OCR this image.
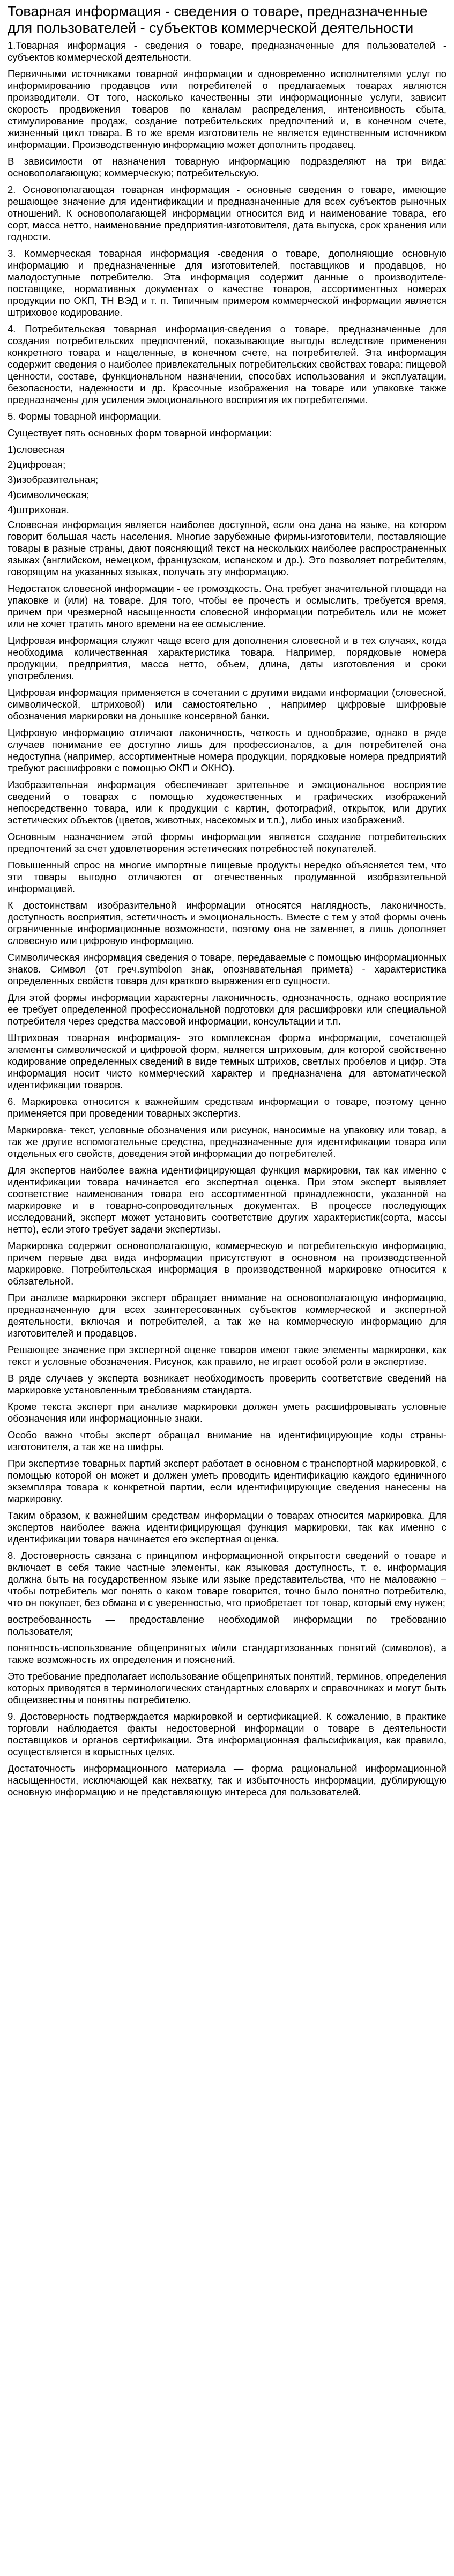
Товарная информация - сведения о товаре, предназначенные для пользователей - субъектов коммерческой деятельности

1.Товарная информация - сведения о товаре, предназначенные для пользователей - субъектов коммерческой деятельности.

Первичными источниками товарной информации и одновременно исполнителями услуг по информированию продавцов или потребителей о предлагаемых товарах являются производители. От того, насколько качественны эти информационные услуги, зависит скорость продвижения товаров по каналам распределения, интенсивность сбыта, стимулирование продаж, создание потребительских предпочтений и, в конечном счете, жизненный цикл товара. В то же время изготовитель не является единственным источником информации. Производственную информацию может дополнить продавец.

В зависимости от назначения товарную информацию подразделяют на три вида: основополагающую; коммерческую; потребительскую.

2. Основополагающая товарная информация - основные сведения о товаре, имеющие решающее значение для идентификации и предназначенные для всех субъектов рыночных отношений. К основополагающей информации относится вид и наименование товара, его сорт, масса нетто, наименование предприятия-изготовителя, дата выпуска, срок хранения или годности.

3. Коммерческая товарная информация -сведения о товаре, дополняющие основную информацию и предназначенные для изготовителей, поставщиков и продавцов, но малодоступные потребителю. Эта информация содержит данные о производителе-поставщике, нормативных документах о качестве товаров, ассортиментных номерах продукции по ОКП, ТН ВЭД и т. п. Типичным примером коммерческой информации является штриховое кодирование.

4. Потребительская товарная информация-сведения о товаре, предназначенные для создания потребительских предпочтений, показывающие выгоды вследствие применения конкретного товара и нацеленные, в конечном счете, на потребителей. Эта информация содержит сведения о наиболее привлекательных потребительских свойствах товара: пищевой ценности, составе, функциональном назначении, способах использования и эксплуатации, безопасности, надежности и др. Красочные изображения на товаре или упаковке также предназначены для усиления эмоционального восприятия их потребителями.

5. Формы товарной информации.

Существует пять основных форм товарной информации:

1)словесная

2)цифровая;

3)изобразительная;

4)символическая;

4)штриховая.

Словесная информация является наиболее доступной, если она дана на языке, на котором говорит большая часть населения. Многие зарубежные фирмы-изготовители, поставляющие товары в разные страны, дают поясняющий текст на нескольких наиболее распространенных языках (английском, немецком, французском, испанском и др.). Это позволяет потребителям, говорящим на указанных языках, получать эту информацию.

Недостаток словесной информации - ее громоздкость. Она требует значительной площади на упаковке и (или) на товаре. Для того, чтобы ее прочесть и осмыслить, требуется время, причем при чрезмерной насыщенности словесной информации потребитель или не может или не хочет тратить много времени на ее осмысление.

Цифровая информация служит чаще всего для дополнения словесной и в тех случаях, когда необходима количественная характеристика товара. Например, порядковые номера продукции, предприятия, масса нетто, объем, длина, даты изготовления и сроки употребления.

Цифровая информация применяется в сочетании с другими видами информации (словесной, символической, штриховой) или самостоятельно , например цифровые шифровые обозначения маркировки на донышке консервной банки.

Цифровую информацию отличают лаконичность, четкость и однообразие, однако в ряде случаев понимание ее доступно лишь для профессионалов, а для потребителей она недоступна (например, ассортиментные номера продукции, порядковые номера предприятий требуют расшифровки с помощью ОКП и ОКНО).

Изобразительная информация обеспечивает зрительное и эмоциональное восприятие сведений о товарах с помощью художественных и графических изображений непосредственно товара, или к продукции с картин, фотографий, открыток, или других эстетических объектов (цветов, животных, насекомых и т.п.), либо иных изображений.

Основным назначением этой формы информации является создание потребительских предпочтений за счет удовлетворения эстетических потребностей покупателей.

Повышенный спрос на многие импортные пищевые продукты нередко объясняется тем, что эти товары выгодно отличаются от отечественных продуманной изобразительной информацией.

К достоинствам изобразительной информации относятся наглядность, лаконичность, доступность восприятия, эстетичность и эмоциональность. Вместе с тем у этой формы очень ограниченные информационные возможности, поэтому она не заменяет, а лишь дополняет словесную или цифровую информацию.

Символическая информация сведения о товаре, передаваемые с помощью информационных знаков. Символ (от греч.symbolon знак, опознавательная примета) - характеристика определенных свойств товара для краткого выражения его сущности.

Для этой формы информации характерны лаконичность, однозначность, однако восприятие ее требует определенной профессиональной подготовки для расшифровки или специальной потребителя через средства массовой информации, консультации и т.п.

Штриховая товарная информация- это комплексная форма информации, сочетающей элементы символической и цифровой форм, является штриховым, для которой свойственно кодирование определенных сведений в виде темных штрихов, светлых пробелов и цифр. Эта информация носит чисто коммерческий характер и предназначена для автоматической идентификации товаров.

6. Маркировка относится к важнейшим средствам информации о товаре, поэтому ценно применяется при проведении товарных экспертиз.

Маркировка- текст, условные обозначения или рисунок, наносимые на упаковку или товар, а так же другие вспомогательные средства, предназначенные для идентификации товара или отдельных его свойств, доведения этой информации до потребителей.

Для экспертов наиболее важна идентифицирующая функция маркировки, так как именно с идентификации товара начинается его экспертная оценка. При этом эксперт выявляет соответствие наименования товара его ассортиментной принадлежности, указанной на маркировке и в товарно-сопроводительных документах. В процессе последующих исследований, эксперт может установить соответствие других характеристик(сорта, массы нетто), если этого требует задачи экспертизы.

Маркировка содержит основополагающую, коммерческую и потребительскую информацию, причем первые два вида информации присутствуют в основном на производственной маркировке. Потребительская информация в производственной маркировке относится к обязательной.

При анализе маркировки эксперт обращает внимание на основополагающую информацию, предназначенную для всех заинтересованных субъектов коммерческой и экспертной деятельности, включая и потребителей, а так же на коммерческую информацию для изготовителей и продавцов.

Решающее значение при экспертной оценке товаров имеют такие элементы маркировки, как текст и условные обозначения. Рисунок, как правило, не играет особой роли в экспертизе.

В ряде случаев у эксперта возникает необходимость проверить соответствие сведений на маркировке установленным требованиям стандарта.

Кроме текста эксперт при анализе маркировки должен уметь расшифровывать условные обозначения или информационные знаки.

Особо важно чтобы эксперт обращал внимание на идентифицирующие коды страны- изготовителя, а так же на шифры.

При экспертизе товарных партий эксперт работает в основном с транспортной маркировкой, с помощью которой он может и должен уметь проводить идентификацию каждого единичного экземпляра товара к конкретной партии, если идентифицирующие сведения нанесены на маркировку.

Таким образом, к важнейшим средствам информации о товарах относится маркировка. Для экспертов наиболее важна идентифицирующая функция маркировки, так как именно с идентификации товара начинается его экспертная оценка.

8. Достоверность связана с принципом информационной открытости сведений о товаре и включает в себя такие частные элементы, как языковая доступность, т. е. информация должна быть на государственном языке или языке представительства, что не маловажно – чтобы потребитель мог понять о каком товаре говорится, точно было понятно потребителю, что он покупает, без обмана и с уверенностью, что приобретает тот товар, который ему нужен;

востребованность — предоставление необходимой информации по требованию пользователя;

понятность-использование общепринятых и/или стандартизованных понятий (символов), а также возможность их определения и пояснений.

Это требование предполагает использование общепринятых понятий, терминов, определения которых приводятся в терминологических стандартных словарях и справочниках и могут быть общеизвестны и понятны потребителю.

9. Достоверность подтверждается маркировкой и сертификацией. К сожалению, в практике торговли наблюдается факты недостоверной информации о товаре в деятельности поставщиков и органов сертификации. Эта информационная фальсификация, как правило, осуществляется в корыстных целях.

Достаточность информационного материала — форма рациональной информационной насыщенности, исключающей как нехватку, так и избыточность информации, дублирующую основную информацию и не представляющую интереса для пользователей.
